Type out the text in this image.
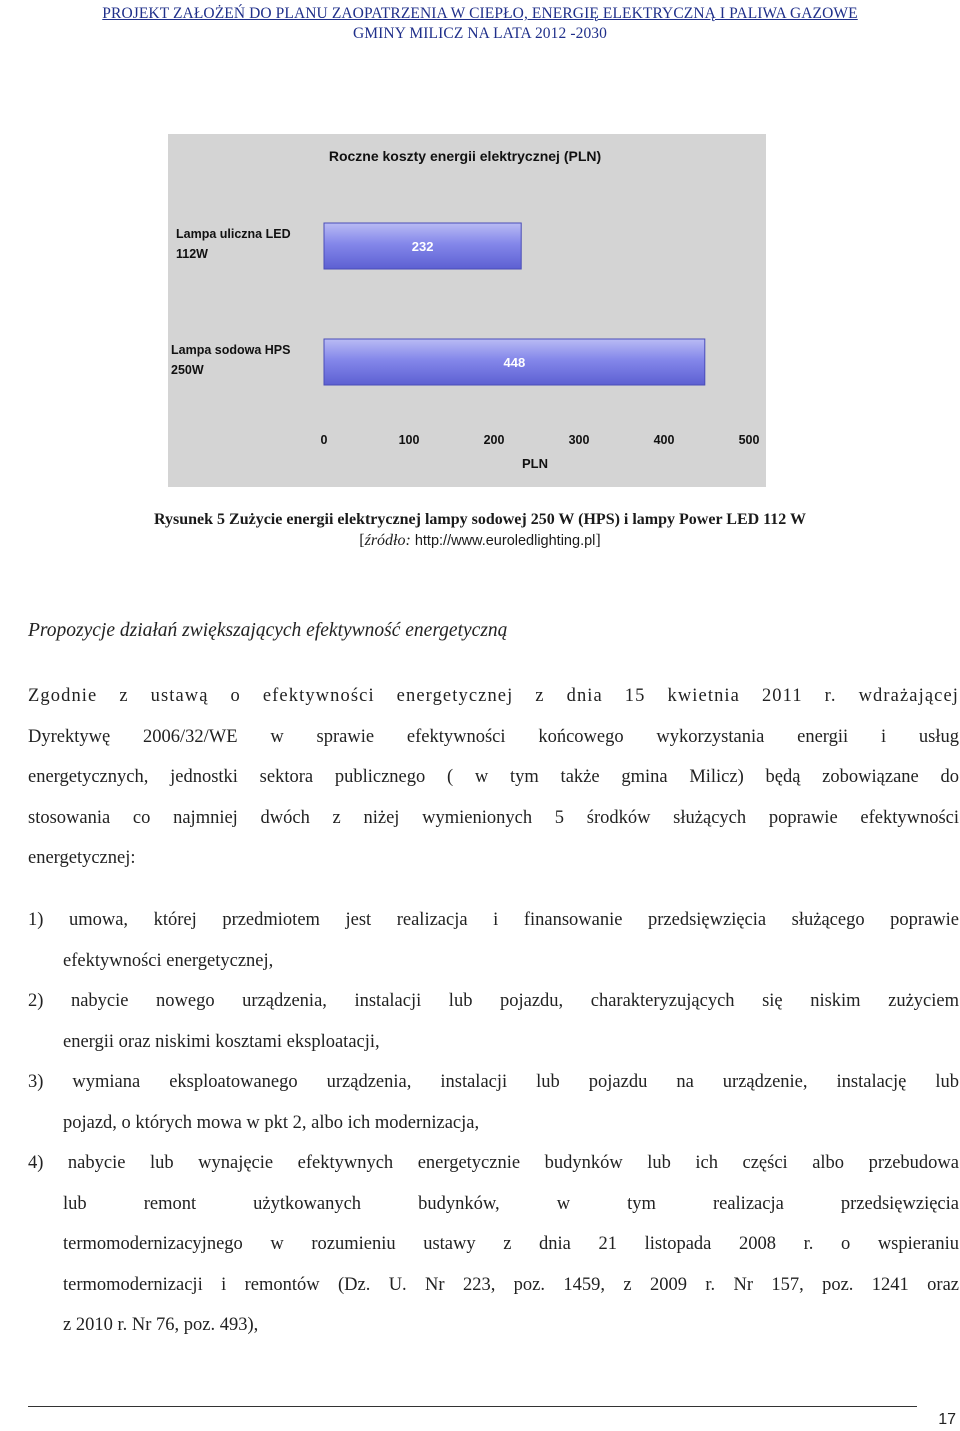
PROJEKT ZAŁOŻEŃ DO PLANU ZAOPATRZENIA W CIEPŁO, ENERGIĘ ELEKTRYCZNĄ I PALIWA GAZOWE
GMINY MILICZ NA LATA 2012 -2030
Roczne koszty energii elektrycznej (PLN)
232
Lampa uliczna LED
112W
448
Lampa sodowa HPS
250W
0	100	200	300	400	500
PLN
Rysunek 5 Zużycie energii elektrycznej lampy sodowej 250 W (HPS) i lampy Power LED 112 W
[źródło: http://www.euroledlighting.pl]
Propozycje działań zwiększających efektywność energetyczną
Zgodnie z ustawą o efektywności energetycznej z dnia 15 kwietnia 2011 r. wdrażającej
Dyrektywę 2006/32/WE w sprawie efektywności końcowego wykorzystania energii i usług
energetycznych, jednostki sektora publicznego ( w tym także gmina Milicz) będą zobowiązane do
stosowania co najmniej dwóch z niżej wymienionych 5 środków służących poprawie efektywności
energetycznej:
1) umowa, której przedmiotem jest realizacja i finansowanie przedsięwzięcia służącego poprawie
efektywności energetycznej,
2) nabycie nowego urządzenia, instalacji lub pojazdu, charakteryzujących się niskim zużyciem
energii oraz niskimi kosztami eksploatacji,
3) wymiana eksploatowanego urządzenia, instalacji lub pojazdu na urządzenie, instalację lub
pojazd, o których mowa w pkt 2, albo ich modernizacja,
4) nabycie lub wynajęcie efektywnych energetycznie budynków lub ich części albo przebudowa
lub remont użytkowanych budynków, w tym realizacja przedsięwzięcia
termomodernizacyjnego w rozumieniu ustawy z dnia 21 listopada 2008 r. o wspieraniu
termomodernizacji i remontów (Dz. U. Nr 223, poz. 1459, z 2009 r. Nr 157, poz. 1241 oraz
z 2010 r. Nr 76, poz. 493),
17
